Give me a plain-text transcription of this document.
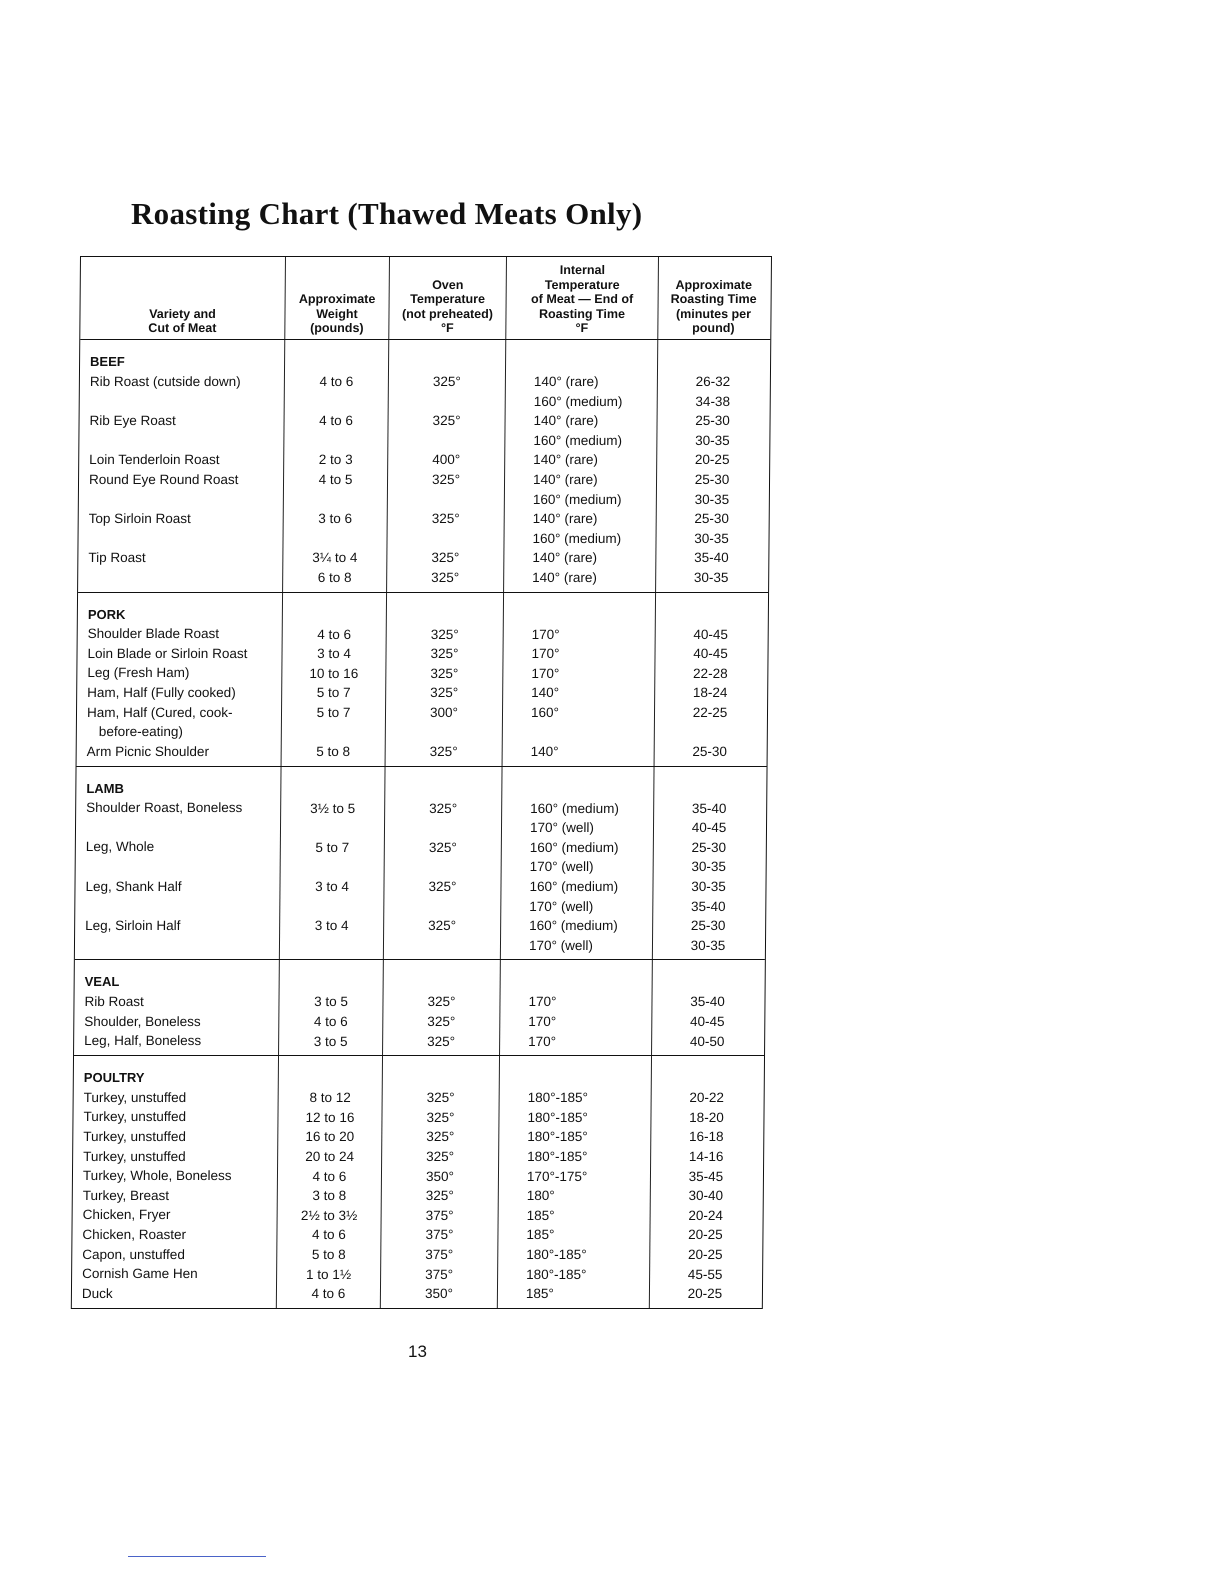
Roasting Chart (Thawed Meats Only)
Variety and
Cut of Meat
Approximate
Weight
(pounds)
Oven
Temperature
(not preheated)
°F
Internal
Temperature
of Meat — End of
Roasting Time
°F
Approximate
Roasting Time
(minutes per
pound)
BEEF
Rib Roast (cutside down)
Rib Eye Roast
Loin Tenderloin Roast
Round Eye Round Roast
Top Sirloin Roast
Tip Roast
4 to 6
4 to 6
2 to 3
4 to 5
3 to 6
3¼ to 4
6 to 8
325°
325°
400°
325°
325°
325°
325°
140° (rare)
160° (medium)
140° (rare)
160° (medium)
140° (rare)
140° (rare)
160° (medium)
140° (rare)
160° (medium)
140° (rare)
140° (rare)
26-32
34-38
25-30
30-35
20-25
25-30
30-35
25-30
30-35
35-40
30-35
PORK
Shoulder Blade Roast
Loin Blade or Sirloin Roast
Leg (Fresh Ham)
Ham, Half (Fully cooked)
Ham, Half (Cured, cook-
before-eating)
Arm Picnic Shoulder
4 to 6
3 to 4
10 to 16
5 to 7
5 to 7
5 to 8
325°
325°
325°
325°
300°
325°
170°
170°
170°
140°
160°
140°
40-45
40-45
22-28
18-24
22-25
25-30
LAMB
Shoulder Roast, Boneless
Leg, Whole
Leg, Shank Half
Leg, Sirloin Half
3½ to 5
5 to 7
3 to 4
3 to 4
325°
325°
325°
325°
160° (medium)
170° (well)
160° (medium)
170° (well)
160° (medium)
170° (well)
160° (medium)
170° (well)
35-40
40-45
25-30
30-35
30-35
35-40
25-30
30-35
VEAL
Rib Roast
Shoulder, Boneless
Leg, Half, Boneless
3 to 5
4 to 6
3 to 5
325°
325°
325°
170°
170°
170°
35-40
40-45
40-50
POULTRY
Turkey, unstuffed
Turkey, unstuffed
Turkey, unstuffed
Turkey, unstuffed
Turkey, Whole, Boneless
Turkey, Breast
Chicken, Fryer
Chicken, Roaster
Capon, unstuffed
Cornish Game Hen
Duck
8 to 12
12 to 16
16 to 20
20 to 24
4 to 6
3 to 8
2½ to 3½
4 to 6
5 to 8
1 to 1½
4 to 6
325°
325°
325°
325°
350°
325°
375°
375°
375°
375°
350°
180°-185°
180°-185°
180°-185°
180°-185°
170°-175°
180°
185°
185°
180°-185°
180°-185°
185°
20-22
18-20
16-18
14-16
35-45
30-40
20-24
20-25
20-25
45-55
20-25
13
